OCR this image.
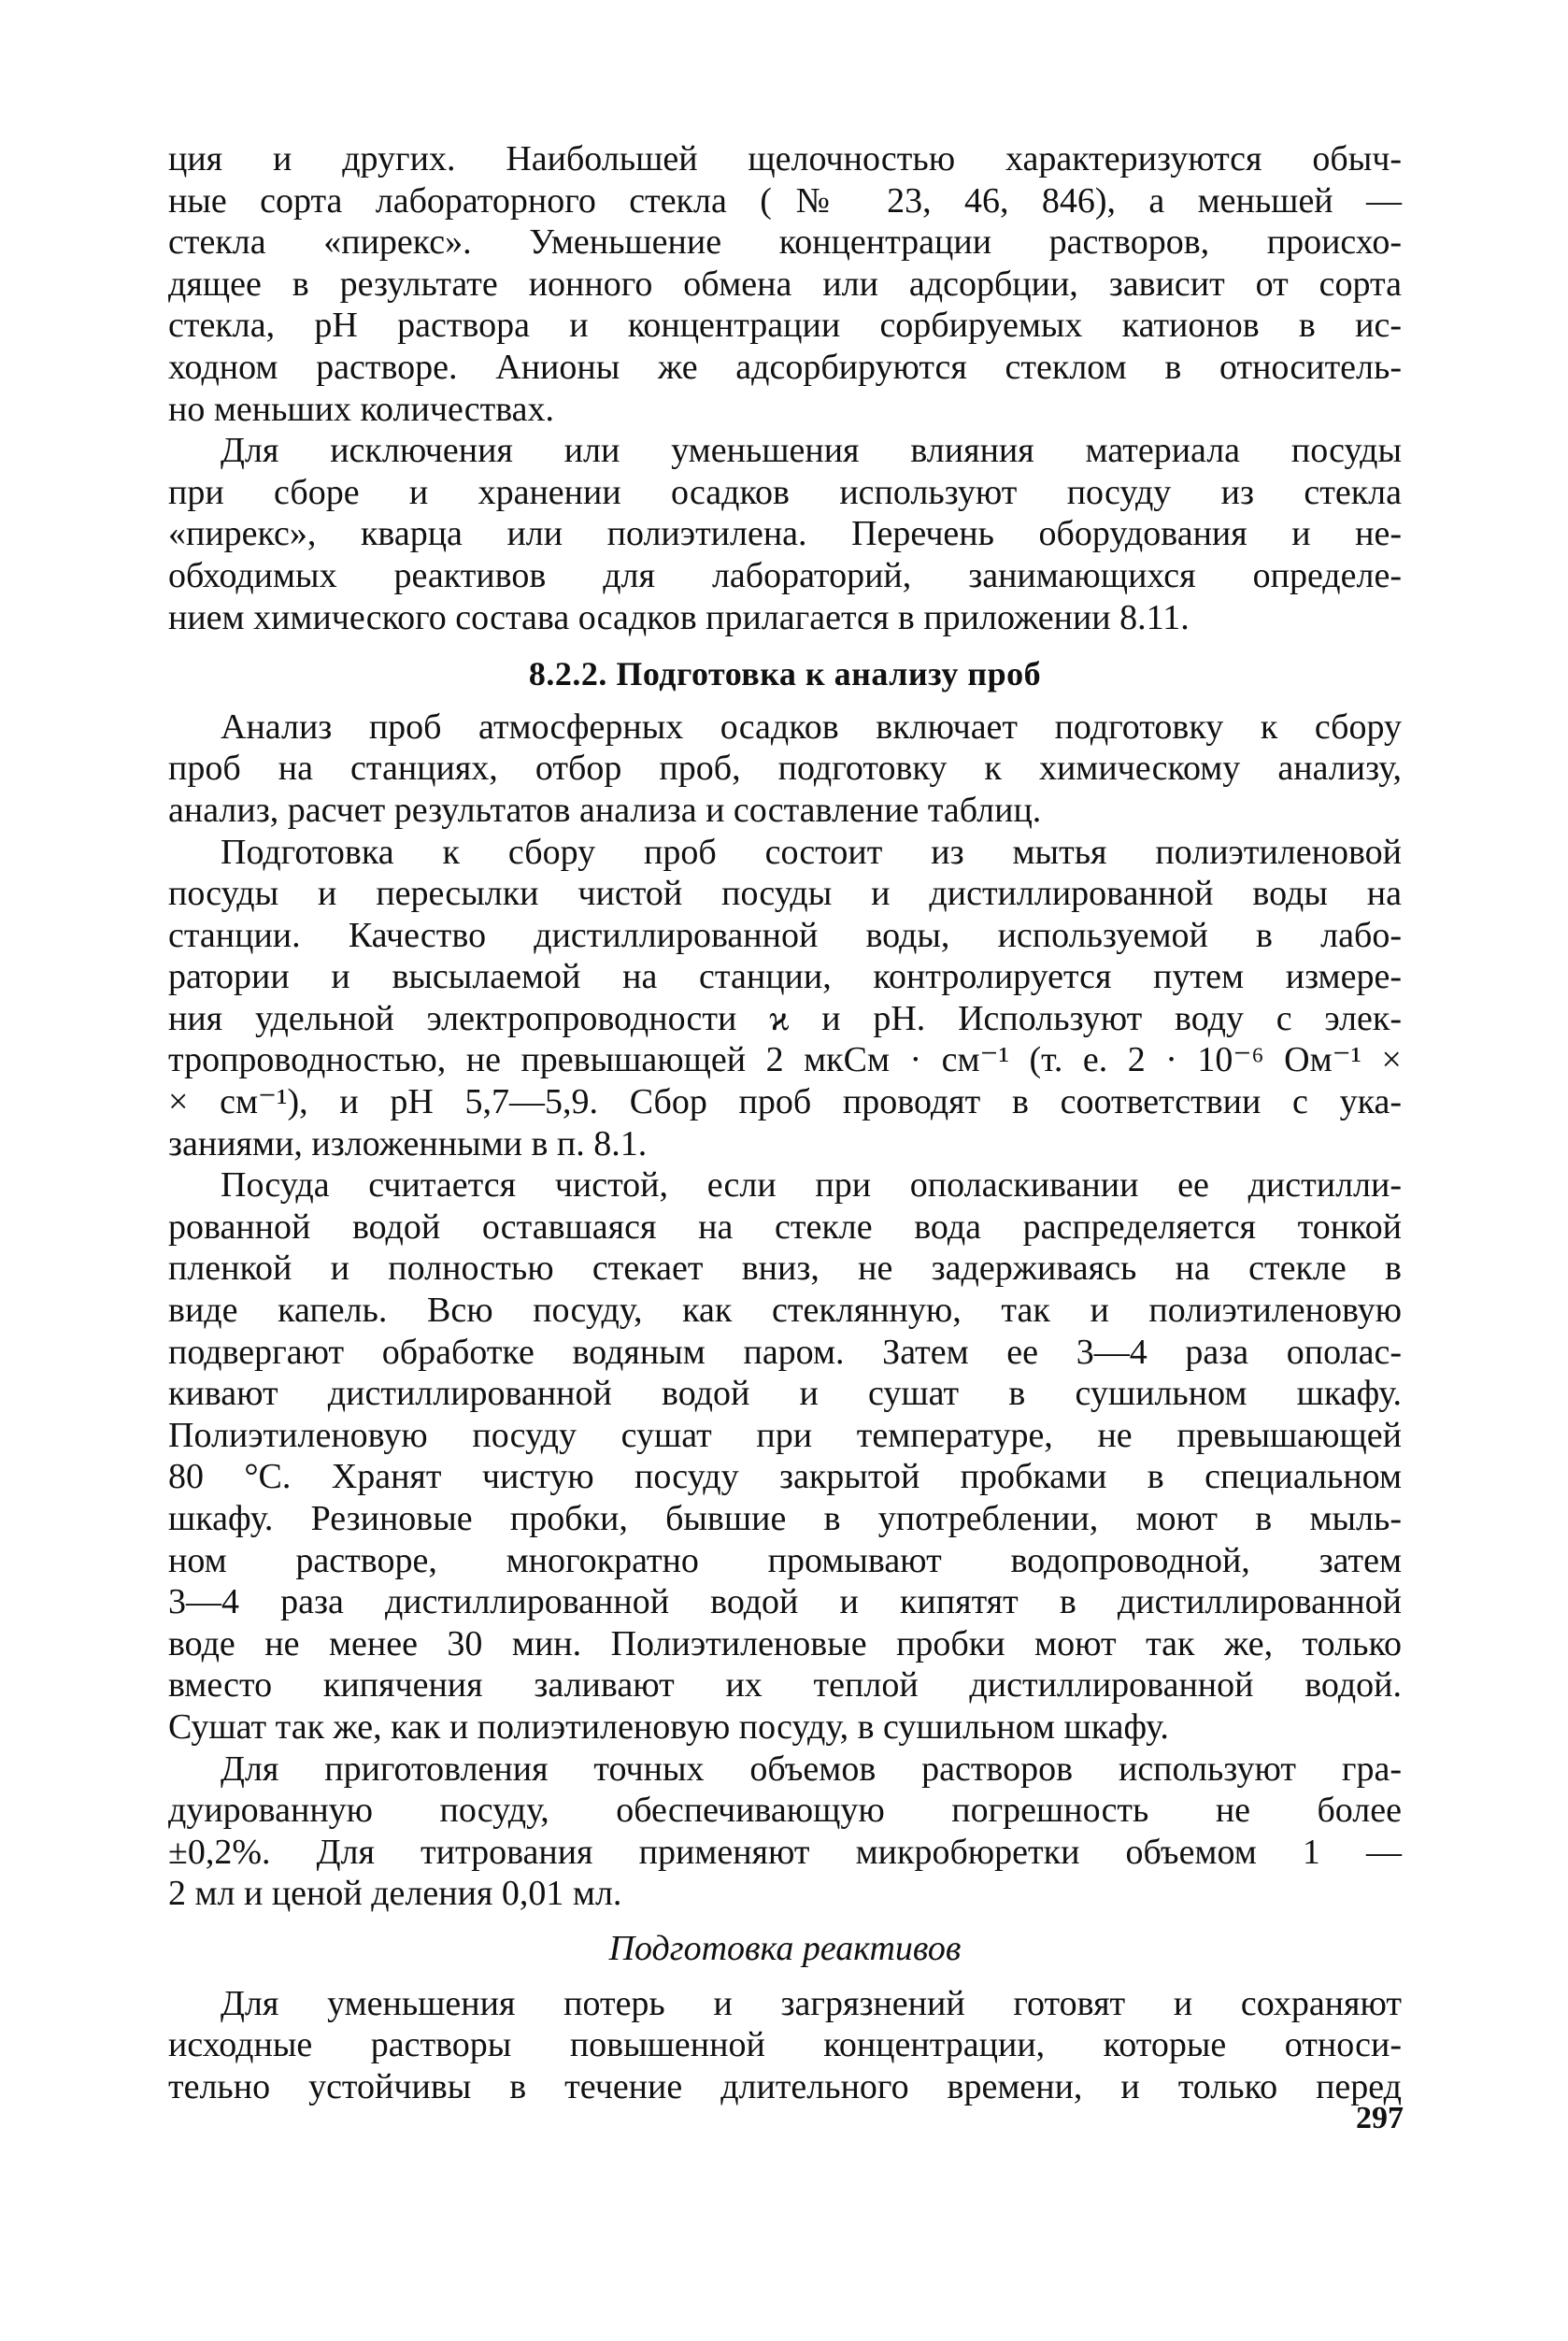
ция и других. Наибольшей щелочностью характеризуются обыч-
ные сорта лабораторного стекла (№ 23, 46, 846), а меньшей —
стекла «пирекс». Уменьшение концентрации растворов, происхо-
дящее в результате ионного обмена или адсорбции, зависит от сорта
стекла, pH раствора и концентрации сорбируемых катионов в ис-
ходном растворе. Анионы же адсорбируются стеклом в относитель-
но меньших количествах.
Для исключения или уменьшения влияния материала посуды
при сборе и хранении осадков используют посуду из стекла
«пирекс», кварца или полиэтилена. Перечень оборудования и не-
обходимых реактивов для лабораторий, занимающихся определе-
нием химического состава осадков прилагается в приложении 8.11.
8.2.2. Подготовка к анализу проб
Анализ проб атмосферных осадков включает подготовку к сбору
проб на станциях, отбор проб, подготовку к химическому анализу,
анализ, расчет результатов анализа и составление таблиц.
Подготовка к сбору проб состоит из мытья полиэтиленовой
посуды и пересылки чистой посуды и дистиллированной воды на
станции. Качество дистиллированной воды, используемой в лабо-
ратории и высылаемой на станции, контролируется путем измере-
ния удельной электропроводности ϰ и pH. Используют воду с элек-
тропроводностью, не превышающей 2 мкСм · см⁻¹ (т. е. 2 · 10⁻⁶ Ом⁻¹ ×
× см⁻¹), и pH 5,7—5,9. Сбор проб проводят в соответствии с ука-
заниями, изложенными в п. 8.1.
Посуда считается чистой, если при ополаскивании ее дистилли-
рованной водой оставшаяся на стекле вода распределяется тонкой
пленкой и полностью стекает вниз, не задерживаясь на стекле в
виде капель. Всю посуду, как стеклянную, так и полиэтиленовую
подвергают обработке водяным паром. Затем ее 3—4 раза ополас-
кивают дистиллированной водой и сушат в сушильном шкафу.
Полиэтиленовую посуду сушат при температуре, не превышающей
80 °С. Хранят чистую посуду закрытой пробками в специальном
шкафу. Резиновые пробки, бывшие в употреблении, моют в мыль-
ном растворе, многократно промывают водопроводной, затем
3—4 раза дистиллированной водой и кипятят в дистиллированной
воде не менее 30 мин. Полиэтиленовые пробки моют так же, только
вместо кипячения заливают их теплой дистиллированной водой.
Сушат так же, как и полиэтиленовую посуду, в сушильном шкафу.
Для приготовления точных объемов растворов используют гра-
дуированную посуду, обеспечивающую погрешность не более
±0,2%. Для титрования применяют микробюретки объемом 1 —
2 мл и ценой деления 0,01 мл.
Подготовка реактивов
Для уменьшения потерь и загрязнений готовят и сохраняют
исходные растворы повышенной концентрации, которые относи-
тельно устойчивы в течение длительного времени, и только перед
297
